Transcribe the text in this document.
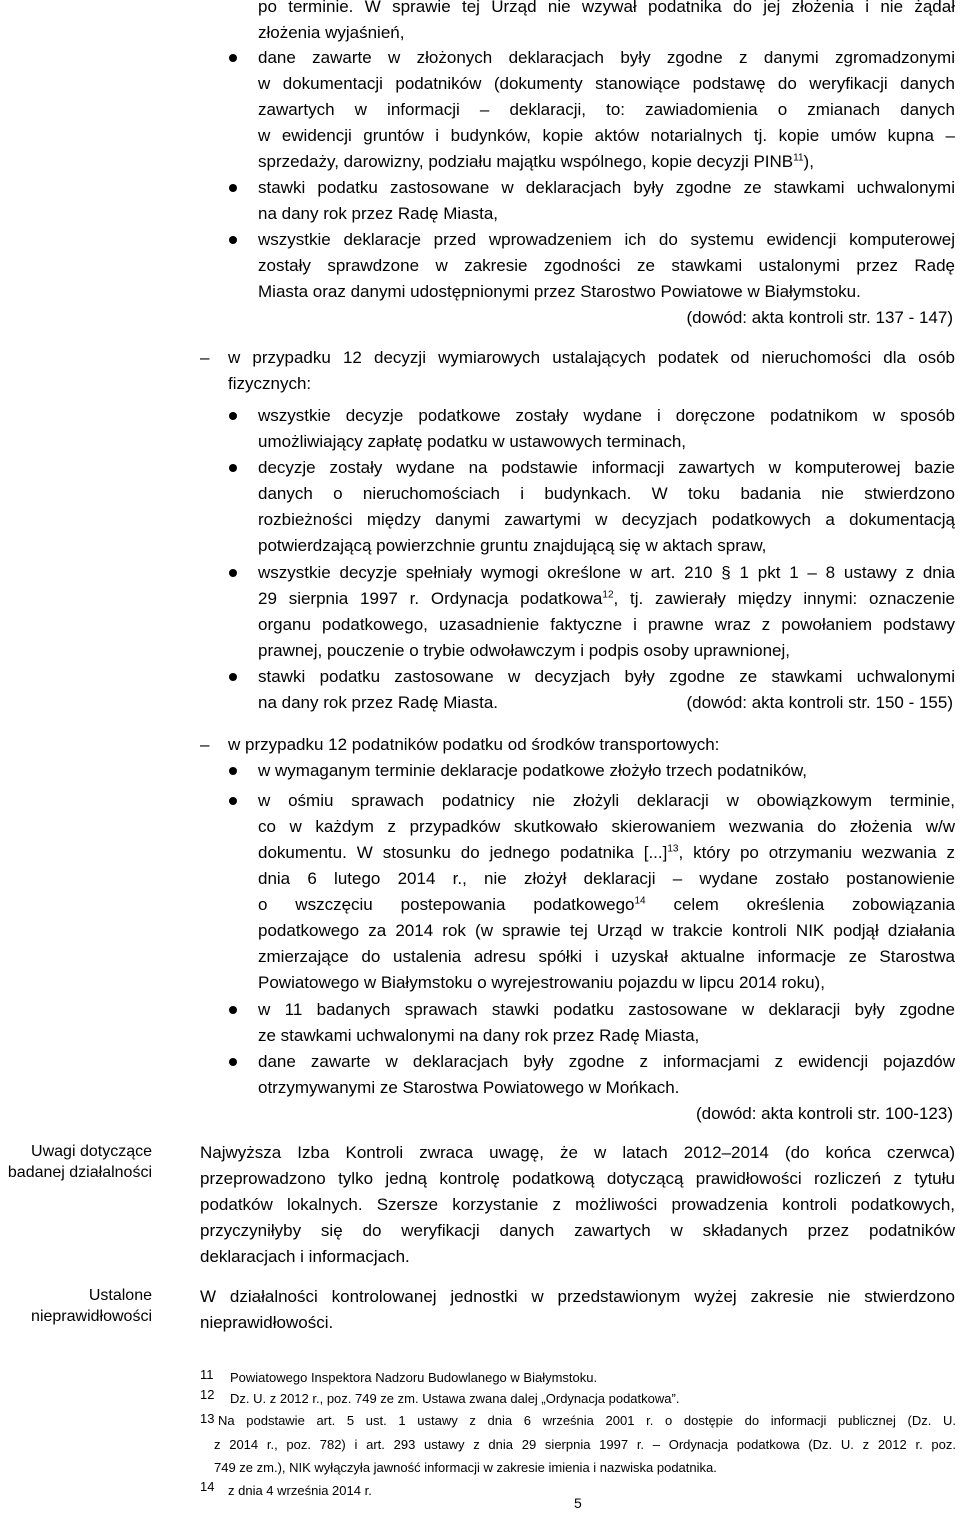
po terminie. W sprawie tej Urząd nie wzywał podatnika do jej złożenia i nie żądał
złożenia wyjaśnień,
dane zawarte w złożonych deklaracjach były zgodne z danymi zgromadzonymi
w dokumentacji podatników (dokumenty stanowiące podstawę do weryfikacji danych
zawartych w informacji – deklaracji, to: zawiadomienia o zmianach danych
w ewidencji gruntów i budynków, kopie aktów notarialnych tj. kopie umów kupna –
sprzedaży, darowizny, podziału majątku wspólnego, kopie decyzji PINB$^{11}$),
stawki podatku zastosowane w deklaracjach były zgodne ze stawkami uchwalonymi
na dany rok przez Radę Miasta,
wszystkie deklaracje przed wprowadzeniem ich do systemu ewidencji komputerowej
zostały sprawdzone w zakresie zgodności ze stawkami ustalonymi przez Radę
Miasta oraz danymi udostępnionymi przez Starostwo Powiatowe w Białymstoku.
(dowód: akta kontroli str. 137 - 147)
– w przypadku 12 decyzji wymiarowych ustalających podatek od nieruchomości dla osób
fizycznych:
wszystkie decyzje podatkowe zostały wydane i doręczone podatnikom w sposób
umożliwiający zapłatę podatku w ustawowych terminach,
decyzje zostały wydane na podstawie informacji zawartych w komputerowej bazie
danych o nieruchomościach i budynkach. W toku badania nie stwierdzono
rozbieżności między danymi zawartymi w decyzjach podatkowych a dokumentacją
potwierdzającą powierzchnie gruntu znajdującą się w aktach spraw,
wszystkie decyzje spełniały wymogi określone w art. 210 § 1 pkt 1 – 8 ustawy z dnia
29 sierpnia 1997 r. Ordynacja podatkowa$^{12}$, tj. zawierały między innymi: oznaczenie
organu podatkowego, uzasadnienie faktyczne i prawne wraz z powołaniem podstawy
prawnej, pouczenie o trybie odwoławczym i podpis osoby uprawnionej,
stawki podatku zastosowane w decyzjach były zgodne ze stawkami uchwalonymi
na dany rok przez Radę Miasta.	(dowód: akta kontroli str. 150 - 155)
– w przypadku 12 podatników podatku od środków transportowych:
w wymaganym terminie deklaracje podatkowe złożyło trzech podatników,
w ośmiu sprawach podatnicy nie złożyli deklaracji w obowiązkowym terminie,
co w każdym z przypadków skutkowało skierowaniem wezwania do złożenia w/w
dokumentu. W stosunku do jednego podatnika [...]$^{13}$, który po otrzymaniu wezwania z
dnia 6 lutego 2014 r., nie złożył deklaracji – wydane zostało postanowienie
o wszczęciu postepowania podatkowego$^{14}$ celem określenia zobowiązania
podatkowego za 2014 rok (w sprawie tej Urząd w trakcie kontroli NIK podjął działania
zmierzające do ustalenia adresu spółki i uzyskał aktualne informacje ze Starostwa
Powiatowego w Białymstoku o wyrejestrowaniu pojazdu w lipcu 2014 roku),
w 11 badanych sprawach stawki podatku zastosowane w deklaracji były zgodne
ze stawkami uchwalonymi na dany rok przez Radę Miasta,
dane zawarte w deklaracjach były zgodne z informacjami z ewidencji pojazdów
otrzymywanymi ze Starostwa Powiatowego w Mońkach.
(dowód: akta kontroli str. 100-123)
Uwagi dotyczące
badanej działalności
Ustalone
nieprawidłowości
Najwyższa Izba Kontroli zwraca uwagę, że w latach 2012–2014 (do końca czerwca)
przeprowadzono tylko jedną kontrolę podatkową dotyczącą prawidłowości rozliczeń z tytułu
podatków lokalnych. Szersze korzystanie z możliwości prowadzenia kontroli podatkowych,
przyczyniłyby się do weryfikacji danych zawartych w składanych przez podatników
deklaracjach i informacjach.
W działalności kontrolowanej jednostki w przedstawionym wyżej zakresie nie stwierdzono
nieprawidłowości.
11 Powiatowego Inspektora Nadzoru Budowlanego w Białymstoku.
12 Dz. U. z 2012 r., poz. 749 ze zm. Ustawa zwana dalej „Ordynacja podatkowa”.
13 Na podstawie art. 5 ust. 1 ustawy z dnia 6 września 2001 r. o dostępie do informacji publicznej (Dz. U.
z 2014 r., poz. 782) i art. 293 ustawy z dnia 29 sierpnia 1997 r. – Ordynacja podatkowa (Dz. U. z 2012 r. poz.
749 ze zm.), NIK wyłączyła jawność informacji w zakresie imienia i nazwiska podatnika.
14 z dnia 4 września 2014 r.
5
